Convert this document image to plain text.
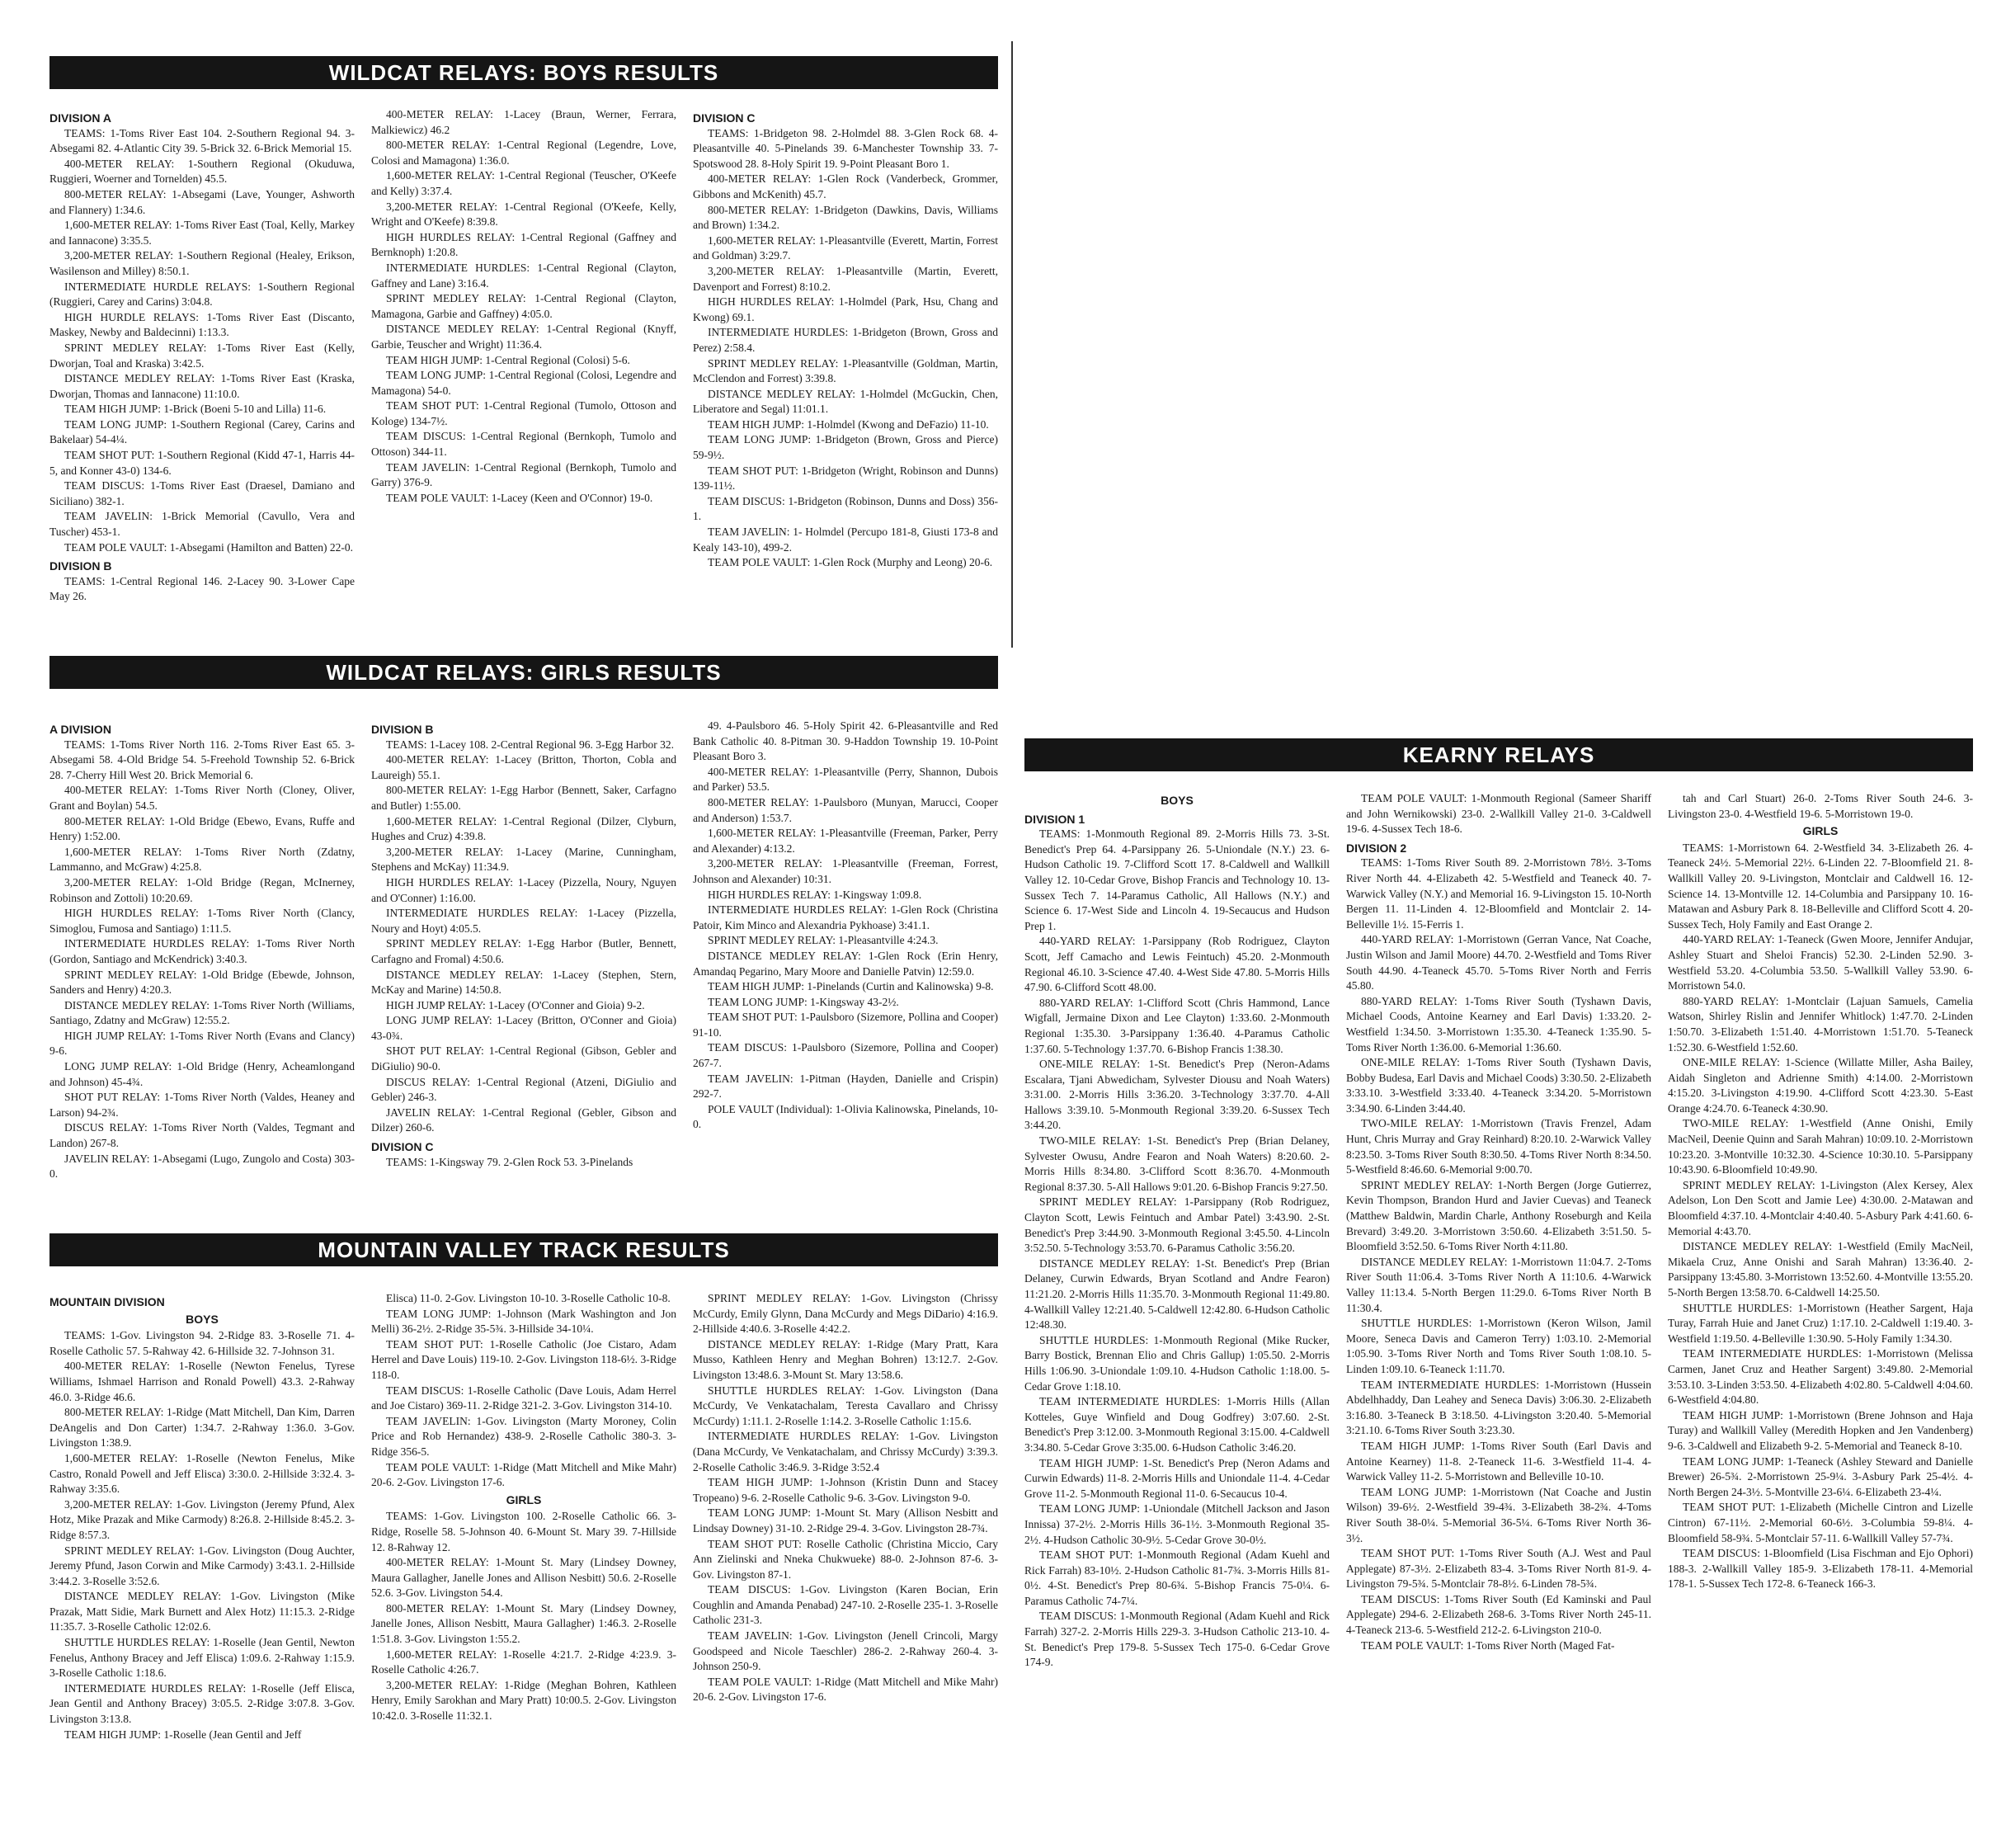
WILDCAT RELAYS: BOYS RESULTS
DIVISION A

TEAMS: 1-Toms River East 104. 2-Southern Regional 94. 3-Absegami 82. 4-Atlantic City 39. 5-Brick 32. 6-Brick Memorial 15.

400-METER RELAY: 1-Southern Regional (Okuduwa, Ruggieri, Woerner and Tornelden) 45.5.

800-METER RELAY: 1-Absegami (Lave, Younger, Ashworth and Flannery) 1:34.6.

1,600-METER RELAY: 1-Toms River East (Toal, Kelly, Markey and Iannacone) 3:35.5.

3,200-METER RELAY: 1-Southern Regional (Healey, Erikson, Wasilenson and Milley) 8:50.1.

INTERMEDIATE HURDLE RELAYS: 1-Southern Regional (Ruggieri, Carey and Carins) 3:04.8.

HIGH HURDLE RELAYS: 1-Toms River East (Discanto, Maskey, Newby and Baldecinni) 1:13.3.

SPRINT MEDLEY RELAY: 1-Toms River East (Kelly, Dworjan, Toal and Kraska) 3:42.5.

DISTANCE MEDLEY RELAY: 1-Toms River East (Kraska, Dworjan, Thomas and Iannacone) 11:10.0.

TEAM HIGH JUMP: 1-Brick (Boeni 5-10 and Lilla) 11-6.

TEAM LONG JUMP: 1-Southern Regional (Carey, Carins and Bakelaar) 54-4¼.

TEAM SHOT PUT: 1-Southern Regional (Kidd 47-1, Harris 44-5, and Konner 43-0) 134-6.

TEAM DISCUS: 1-Toms River East (Draesel, Damiano and Siciliano) 382-1.

TEAM JAVELIN: 1-Brick Memorial (Cavullo, Vera and Tuscher) 453-1.

TEAM POLE VAULT: 1-Absegami (Hamilton and Batten) 22-0.

DIVISION B

TEAMS: 1-Central Regional 146. 2-Lacey 90. 3-Lower Cape May 26.

400-METER RELAY: 1-Lacey (Braun, Werner, Ferrara, Malkiewicz) 46.2

800-METER RELAY: 1-Central Regional (Legendre, Love, Colosi and Mamagona) 1:36.0.

1,600-METER RELAY: 1-Central Regional (Teuscher, O'Keefe and Kelly) 3:37.4.

3,200-METER RELAY: 1-Central Regional (O'Keefe, Kelly, Wright and O'Keefe) 8:39.8.

HIGH HURDLES RELAY: 1-Central Regional (Gaffney and Bernknoph) 1:20.8.

INTERMEDIATE HURDLES: 1-Central Regional (Clayton, Gaffney and Lane) 3:16.4.

SPRINT MEDLEY RELAY: 1-Central Regional (Clayton, Mamagona, Garbie and Gaffney) 4:05.0.

DISTANCE MEDLEY RELAY: 1-Central Regional (Knyff, Garbie, Teuscher and Wright) 11:36.4.

TEAM HIGH JUMP: 1-Central Regional (Colosi) 5-6.

TEAM LONG JUMP: 1-Central Regional (Colosi, Legendre and Mamagona) 54-0.

TEAM SHOT PUT: 1-Central Regional (Tumolo, Ottoson and Kologe) 134-7½.

TEAM DISCUS: 1-Central Regional (Bernkoph, Tumolo and Ottoson) 344-11.

TEAM JAVELIN: 1-Central Regional (Bernkoph, Tumolo and Garry) 376-9.

TEAM POLE VAULT: 1-Lacey (Keen and O'Connor) 19-0.

DIVISION C

TEAMS: 1-Bridgeton 98. 2-Holmdel 88. 3-Glen Rock 68. 4-Pleasantville 40. 5-Pinelands 39. 6-Manchester Township 33. 7-Spotswood 28. 8-Holy Spirit 19. 9-Point Pleasant Boro 1.

400-METER RELAY: 1-Glen Rock (Vanderbeck, Grommer, Gibbons and McKenith) 45.7.

800-METER RELAY: 1-Bridgeton (Dawkins, Davis, Williams and Brown) 1:34.2.

1,600-METER RELAY: 1-Pleasantville (Everett, Martin, Forrest and Goldman) 3:29.7.

3,200-METER RELAY: 1-Pleasantville (Martin, Everett, Davenport and Forrest) 8:10.2.

HIGH HURDLES RELAY: 1-Holmdel (Park, Hsu, Chang and Kwong) 69.1.

INTERMEDIATE HURDLES: 1-Bridgeton (Brown, Gross and Perez) 2:58.4.

SPRINT MEDLEY RELAY: 1-Pleasantville (Goldman, Martin, McClendon and Forrest) 3:39.8.

DISTANCE MEDLEY RELAY: 1-Holmdel (McGuckin, Chen, Liberatore and Segal) 11:01.1.

TEAM HIGH JUMP: 1-Holmdel (Kwong and DeFazio) 11-10.

TEAM LONG JUMP: 1-Bridgeton (Brown, Gross and Pierce) 59-9½.

TEAM SHOT PUT: 1-Bridgeton (Wright, Robinson and Dunns) 139-11½.

TEAM DISCUS: 1-Bridgeton (Robinson, Dunns and Doss) 356-1.

TEAM JAVELIN: 1- Holmdel (Percupo 181-8, Giusti 173-8 and Kealy 143-10), 499-2.

TEAM POLE VAULT: 1-Glen Rock (Murphy and Leong) 20-6.

WILDCAT RELAYS: GIRLS RESULTS
A DIVISION

TEAMS: 1-Toms River North 116. 2-Toms River East 65. 3-Absegami 58. 4-Old Bridge 54. 5-Freehold Township 52. 6-Brick 28. 7-Cherry Hill West 20. Brick Memorial 6.

400-METER RELAY: 1-Toms River North (Cloney, Oliver, Grant and Boylan) 54.5.

800-METER RELAY: 1-Old Bridge (Ebewo, Evans, Ruffe and Henry) 1:52.00.

1,600-METER RELAY: 1-Toms River North (Zdatny, Lammanno, and McGraw) 4:25.8.

3,200-METER RELAY: 1-Old Bridge (Regan, McInerney, Robinson and Zottoli) 10:20.69.

HIGH HURDLES RELAY: 1-Toms River North (Clancy, Simoglou, Fumosa and Santiago) 1:11.5.

INTERMEDIATE HURDLES RELAY: 1-Toms River North (Gordon, Santiago and McKendrick) 3:40.3.

SPRINT MEDLEY RELAY: 1-Old Bridge (Ebewde, Johnson, Sanders and Henry) 4:20.3.

DISTANCE MEDLEY RELAY: 1-Toms River North (Williams, Santiago, Zdatny and McGraw) 12:55.2.

HIGH JUMP RELAY: 1-Toms River North (Evans and Clancy) 9-6.

LONG JUMP RELAY: 1-Old Bridge (Henry, Acheamlongand and Johnson) 45-4¾.

SHOT PUT RELAY: 1-Toms River North (Valdes, Heaney and Larson) 94-2¾.

DISCUS RELAY: 1-Toms River North (Valdes, Tegmant and Landon) 267-8.

JAVELIN RELAY: 1-Absegami (Lugo, Zungolo and Costa) 303-0.

DIVISION B

TEAMS: 1-Lacey 108. 2-Central Regional 96. 3-Egg Harbor 32.

400-METER RELAY: 1-Lacey (Britton, Thorton, Cobla and Laureigh) 55.1.

800-METER RELAY: 1-Egg Harbor (Bennett, Saker, Carfagno and Butler) 1:55.00.

1,600-METER RELAY: 1-Central Regional (Dilzer, Clyburn, Hughes and Cruz) 4:39.8.

3,200-METER RELAY: 1-Lacey (Marine, Cunningham, Stephens and McKay) 11:34.9.

HIGH HURDLES RELAY: 1-Lacey (Pizzella, Noury, Nguyen and O'Conner) 1:16.00.

INTERMEDIATE HURDLES RELAY: 1-Lacey (Pizzella, Noury and Hoyt) 4:05.5.

SPRINT MEDLEY RELAY: 1-Egg Harbor (Butler, Bennett, Carfagno and Fromal) 4:50.6.

DISTANCE MEDLEY RELAY: 1-Lacey (Stephen, Stern, McKay and Marine) 14:50.8.

HIGH JUMP RELAY: 1-Lacey (O'Conner and Gioia) 9-2.

LONG JUMP RELAY: 1-Lacey (Britton, O'Conner and Gioia) 43-0¾.

SHOT PUT RELAY: 1-Central Regional (Gibson, Gebler and DiGiulio) 90-0.

DISCUS RELAY: 1-Central Regional (Atzeni, DiGiulio and Gebler) 246-3.

JAVELIN RELAY: 1-Central Regional (Gebler, Gibson and Dilzer) 260-6.

DIVISION C

TEAMS: 1-Kingsway 79. 2-Glen Rock 53. 3-Pinelands

49. 4-Paulsboro 46. 5-Holy Spirit 42. 6-Pleasantville and Red Bank Catholic 40. 8-Pitman 30. 9-Haddon Township 19. 10-Point Pleasant Boro 3.

400-METER RELAY: 1-Pleasantville (Perry, Shannon, Dubois and Parker) 53.5.

800-METER RELAY: 1-Paulsboro (Munyan, Marucci, Cooper and Anderson) 1:53.7.

1,600-METER RELAY: 1-Pleasantville (Freeman, Parker, Perry and Alexander) 4:13.2.

3,200-METER RELAY: 1-Pleasantville (Freeman, Forrest, Johnson and Alexander) 10:31.

HIGH HURDLES RELAY: 1-Kingsway 1:09.8.

INTERMEDIATE HURDLES RELAY: 1-Glen Rock (Christina Patoir, Kim Minco and Alexandria Pykhoase) 3:41.1.

SPRINT MEDLEY RELAY: 1-Pleasantville 4:24.3.

DISTANCE MEDLEY RELAY: 1-Glen Rock (Erin Henry, Amandaq Pegarino, Mary Moore and Danielle Patvin) 12:59.0.

TEAM HIGH JUMP: 1-Pinelands (Curtin and Kalinowska) 9-8.

TEAM LONG JUMP: 1-Kingsway 43-2½.

TEAM SHOT PUT: 1-Paulsboro (Sizemore, Pollina and Cooper) 91-10.

TEAM DISCUS: 1-Paulsboro (Sizemore, Pollina and Cooper) 267-7.

TEAM JAVELIN: 1-Pitman (Hayden, Danielle and Crispin) 292-7.

POLE VAULT (Individual): 1-Olivia Kalinowska, Pinelands, 10-0.

MOUNTAIN VALLEY TRACK RESULTS
MOUNTAIN DIVISION
BOYS

TEAMS: 1-Gov. Livingston 94. 2-Ridge 83. 3-Roselle 71. 4-Roselle Catholic 57. 5-Rahway 42. 6-Hillside 32. 7-Johnson 31.

400-METER RELAY: 1-Roselle (Newton Fenelus, Tyrese Williams, Ishmael Harrison and Ronald Powell) 43.3. 2-Rahway 46.0. 3-Ridge 46.6.

800-METER RELAY: 1-Ridge (Matt Mitchell, Dan Kim, Darren DeAngelis and Don Carter) 1:34.7. 2-Rahway 1:36.0. 3-Gov. Livingston 1:38.9.

1,600-METER RELAY: 1-Roselle (Newton Fenelus, Mike Castro, Ronald Powell and Jeff Elisca) 3:30.0. 2-Hillside 3:32.4. 3-Rahway 3:35.6.

3,200-METER RELAY: 1-Gov. Livingston (Jeremy Pfund, Alex Hotz, Mike Prazak and Mike Carmody) 8:26.8. 2-Hillside 8:45.2. 3-Ridge 8:57.3.

SPRINT MEDLEY RELAY: 1-Gov. Livingston (Doug Auchter, Jeremy Pfund, Jason Corwin and Mike Carmody) 3:43.1. 2-Hillside 3:44.2. 3-Roselle 3:52.6.

DISTANCE MEDLEY RELAY: 1-Gov. Livingston (Mike Prazak, Matt Sidie, Mark Burnett and Alex Hotz) 11:15.3. 2-Ridge 11:35.7. 3-Roselle Catholic 12:02.6.

SHUTTLE HURDLES RELAY: 1-Roselle (Jean Gentil, Newton Fenelus, Anthony Bracey and Jeff Elisca) 1:09.6. 2-Rahway 1:15.9. 3-Roselle Catholic 1:18.6.

INTERMEDIATE HURDLES RELAY: 1-Roselle (Jeff Elisca, Jean Gentil and Anthony Bracey) 3:05.5. 2-Ridge 3:07.8. 3-Gov. Livingston 3:13.8.

TEAM HIGH JUMP: 1-Roselle (Jean Gentil and Jeff

Elisca) 11-0. 2-Gov. Livingston 10-10. 3-Roselle Catholic 10-8.

TEAM LONG JUMP: 1-Johnson (Mark Washington and Jon Melli) 36-2½. 2-Ridge 35-5¾. 3-Hillside 34-10¼.

TEAM SHOT PUT: 1-Roselle Catholic (Joe Cistaro, Adam Herrel and Dave Louis) 119-10. 2-Gov. Livingston 118-6½. 3-Ridge 118-0.

TEAM DISCUS: 1-Roselle Catholic (Dave Louis, Adam Herrel and Joe Cistaro) 369-11. 2-Ridge 321-2. 3-Gov. Livingston 314-10.

TEAM JAVELIN: 1-Gov. Livingston (Marty Moroney, Colin Price and Rob Hernandez) 438-9. 2-Roselle Catholic 380-3. 3-Ridge 356-5.

TEAM POLE VAULT: 1-Ridge (Matt Mitchell and Mike Mahr) 20-6. 2-Gov. Livingston 17-6.

GIRLS

TEAMS: 1-Gov. Livingston 100. 2-Roselle Catholic 66. 3-Ridge, Roselle 58. 5-Johnson 40. 6-Mount St. Mary 39. 7-Hillside 12. 8-Rahway 12.

400-METER RELAY: 1-Mount St. Mary (Lindsey Downey, Maura Gallagher, Janelle Jones and Allison Nesbitt) 50.6. 2-Roselle 52.6. 3-Gov. Livingston 54.4.

800-METER RELAY: 1-Mount St. Mary (Lindsey Downey, Janelle Jones, Allison Nesbitt, Maura Gallagher) 1:46.3. 2-Roselle 1:51.8. 3-Gov. Livingston 1:55.2.

1,600-METER RELAY: 1-Roselle 4:21.7. 2-Ridge 4:23.9. 3-Roselle Catholic 4:26.7.

3,200-METER RELAY: 1-Ridge (Meghan Bohren, Kathleen Henry, Emily Sarokhan and Mary Pratt) 10:00.5. 2-Gov. Livingston 10:42.0. 3-Roselle 11:32.1.

SPRINT MEDLEY RELAY: 1-Gov. Livingston (Chrissy McCurdy, Emily Glynn, Dana McCurdy and Megs DiDario) 4:16.9. 2-Hillside 4:40.6. 3-Roselle 4:42.2.

DISTANCE MEDLEY RELAY: 1-Ridge (Mary Pratt, Kara Musso, Kathleen Henry and Meghan Bohren) 13:12.7. 2-Gov. Livingston 13:48.6. 3-Mount St. Mary 13:58.6.

SHUTTLE HURDLES RELAY: 1-Gov. Livingston (Dana McCurdy, Ve Venkatachalam, Teresta Cavallaro and Chrissy McCurdy) 1:11.1. 2-Roselle 1:14.2. 3-Roselle Catholic 1:15.6.

INTERMEDIATE HURDLES RELAY: 1-Gov. Livingston (Dana McCurdy, Ve Venkatachalam, and Chrissy McCurdy) 3:39.3. 2-Roselle Catholic 3:46.9. 3-Ridge 3:52.4

TEAM HIGH JUMP: 1-Johnson (Kristin Dunn and Stacey Tropeano) 9-6. 2-Roselle Catholic 9-6. 3-Gov. Livingston 9-0.

TEAM LONG JUMP: 1-Mount St. Mary (Allison Nesbitt and Lindsay Downey) 31-10. 2-Ridge 29-4. 3-Gov. Livingston 28-7¾.

TEAM SHOT PUT: Roselle Catholic (Christina Miccio, Cary Ann Zielinski and Nneka Chukwueke) 88-0. 2-Johnson 87-6. 3-Gov. Livingston 87-1.

TEAM DISCUS: 1-Gov. Livingston (Karen Bocian, Erin Coughlin and Amanda Penabad) 247-10. 2-Roselle 235-1. 3-Roselle Catholic 231-3.

TEAM JAVELIN: 1-Gov. Livingston (Jenell Crincoli, Margy Goodspeed and Nicole Taeschler) 286-2. 2-Rahway 260-4. 3-Johnson 250-9.

TEAM POLE VAULT: 1-Ridge (Matt Mitchell and Mike Mahr) 20-6. 2-Gov. Livingston 17-6.

KEARNY RELAYS
BOYS
DIVISION 1

TEAMS: 1-Monmouth Regional 89. 2-Morris Hills 73. 3-St. Benedict's Prep 64. 4-Parsippany 26. 5-Uniondale (N.Y.) 23. 6-Hudson Catholic 19. 7-Clifford Scott 17. 8-Caldwell and Wallkill Valley 12. 10-Cedar Grove, Bishop Francis and Technology 10. 13-Sussex Tech 7. 14-Paramus Catholic, All Hallows (N.Y.) and Science 6. 17-West Side and Lincoln 4. 19-Secaucus and Hudson Prep 1.

440-YARD RELAY: 1-Parsippany (Rob Rodriguez, Clayton Scott, Jeff Camacho and Lewis Feintuch) 45.20. 2-Monmouth Regional 46.10. 3-Science 47.40. 4-West Side 47.80. 5-Morris Hills 47.90. 6-Clifford Scott 48.00.

880-YARD RELAY: 1-Clifford Scott (Chris Hammond, Lance Wigfall, Jermaine Dixon and Lee Clayton) 1:33.60. 2-Monmouth Regional 1:35.30. 3-Parsippany 1:36.40. 4-Paramus Catholic 1:37.60. 5-Technology 1:37.70. 6-Bishop Francis 1:38.30.

ONE-MILE RELAY: 1-St. Benedict's Prep (Neron-Adams Escalara, Tjani Abwedicham, Sylvester Diousu and Noah Waters) 3:31.00. 2-Morris Hills 3:36.20. 3-Technology 3:37.70. 4-All Hallows 3:39.10. 5-Monmouth Regional 3:39.20. 6-Sussex Tech 3:44.20.

TWO-MILE RELAY: 1-St. Benedict's Prep (Brian Delaney, Sylvester Owusu, Andre Fearon and Noah Waters) 8:20.60. 2-Morris Hills 8:34.80. 3-Clifford Scott 8:36.70. 4-Monmouth Regional 8:37.30. 5-All Hallows 9:01.20. 6-Bishop Francis 9:27.50.

SPRINT MEDLEY RELAY: 1-Parsippany (Rob Rodriguez, Clayton Scott, Lewis Feintuch and Ambar Patel) 3:43.90. 2-St. Benedict's Prep 3:44.90. 3-Monmouth Regional 3:45.50. 4-Lincoln 3:52.50. 5-Technology 3:53.70. 6-Paramus Catholic 3:56.20.

DISTANCE MEDLEY RELAY: 1-St. Benedict's Prep (Brian Delaney, Curwin Edwards, Bryan Scotland and Andre Fearon) 11:21.20. 2-Morris Hills 11:35.70. 3-Monmouth Regional 11:49.80. 4-Wallkill Valley 12:21.40. 5-Caldwell 12:42.80. 6-Hudson Catholic 12:48.30.

SHUTTLE HURDLES: 1-Monmouth Regional (Mike Rucker, Barry Bostick, Brennan Elio and Chris Gallup) 1:05.50. 2-Morris Hills 1:06.90. 3-Uniondale 1:09.10. 4-Hudson Catholic 1:18.00. 5-Cedar Grove 1:18.10.

TEAM INTERMEDIATE HURDLES: 1-Morris Hills (Allan Kotteles, Guye Winfield and Doug Godfrey) 3:07.60. 2-St. Benedict's Prep 3:12.00. 3-Monmouth Regional 3:15.00. 4-Caldwell 3:34.80. 5-Cedar Grove 3:35.00. 6-Hudson Catholic 3:46.20.

TEAM HIGH JUMP: 1-St. Benedict's Prep (Neron Adams and Curwin Edwards) 11-8. 2-Morris Hills and Uniondale 11-4. 4-Cedar Grove 11-2. 5-Monmouth Regional 11-0. 6-Secaucus 10-4.

TEAM LONG JUMP: 1-Uniondale (Mitchell Jackson and Jason Innissa) 37-2½. 2-Morris Hills 36-1½. 3-Monmouth Regional 35-2½. 4-Hudson Catholic 30-9½. 5-Cedar Grove 30-0½.

TEAM SHOT PUT: 1-Monmouth Regional (Adam Kuehl and Rick Farrah) 83-10½. 2-Hudson Catholic 81-7¾. 3-Morris Hills 81-0½. 4-St. Benedict's Prep 80-6¾. 5-Bishop Francis 75-0¼. 6-Paramus Catholic 74-7¼.

TEAM DISCUS: 1-Monmouth Regional (Adam Kuehl and Rick Farrah) 327-2. 2-Morris Hills 229-3. 3-Hudson Catholic 213-10. 4-St. Benedict's Prep 179-8. 5-Sussex Tech 175-0. 6-Cedar Grove 174-9.

TEAM POLE VAULT: 1-Monmouth Regional (Sameer Shariff and John Wernikowski) 23-0. 2-Wallkill Valley 21-0. 3-Caldwell 19-6. 4-Sussex Tech 18-6.

DIVISION 2

TEAMS: 1-Toms River South 89. 2-Morristown 78½. 3-Toms River North 44. 4-Elizabeth 42. 5-Westfield and Teaneck 40. 7-Warwick Valley (N.Y.) and Memorial 16. 9-Livingston 15. 10-North Bergen 11. 11-Linden 4. 12-Bloomfield and Montclair 2. 14-Belleville 1½. 15-Ferris 1.

440-YARD RELAY: 1-Morristown (Gerran Vance, Nat Coache, Justin Wilson and Jamil Moore) 44.70. 2-Westfield and Toms River South 44.90. 4-Teaneck 45.70. 5-Toms River North and Ferris 45.80.

880-YARD RELAY: 1-Toms River South (Tyshawn Davis, Michael Coods, Antoine Kearney and Earl Davis) 1:33.20. 2-Westfield 1:34.50. 3-Morristown 1:35.30. 4-Teaneck 1:35.90. 5-Toms River North 1:36.00. 6-Memorial 1:36.60.

ONE-MILE RELAY: 1-Toms River South (Tyshawn Davis, Bobby Budesa, Earl Davis and Michael Coods) 3:30.50. 2-Elizabeth 3:33.10. 3-Westfield 3:33.40. 4-Teaneck 3:34.20. 5-Morristown 3:34.90. 6-Linden 3:44.40.

TWO-MILE RELAY: 1-Morristown (Travis Frenzel, Adam Hunt, Chris Murray and Gray Reinhard) 8:20.10. 2-Warwick Valley 8:23.50. 3-Toms River South 8:30.50. 4-Toms River North 8:34.50. 5-Westfield 8:46.60. 6-Memorial 9:00.70.

SPRINT MEDLEY RELAY: 1-North Bergen (Jorge Gutierrez, Kevin Thompson, Brandon Hurd and Javier Cuevas) and Teaneck (Matthew Baldwin, Mardin Charle, Anthony Roseburgh and Keila Brevard) 3:49.20. 3-Morristown 3:50.60. 4-Elizabeth 3:51.50. 5-Bloomfield 3:52.50. 6-Toms River North 4:11.80.

DISTANCE MEDLEY RELAY: 1-Morristown 11:04.7. 2-Toms River South 11:06.4. 3-Toms River North A 11:10.6. 4-Warwick Valley 11:13.4. 5-North Bergen 11:29.0. 6-Toms River North B 11:30.4.

SHUTTLE HURDLES: 1-Morristown (Keron Wilson, Jamil Moore, Seneca Davis and Cameron Terry) 1:03.10. 2-Memorial 1:05.90. 3-Toms River North and Toms River South 1:08.10. 5-Linden 1:09.10. 6-Teaneck 1:11.70.

TEAM INTERMEDIATE HURDLES: 1-Morristown (Hussein Abdelhhaddy, Dan Leahey and Seneca Davis) 3:06.30. 2-Elizabeth 3:16.80. 3-Teaneck B 3:18.50. 4-Livingston 3:20.40. 5-Memorial 3:21.10. 6-Toms River South 3:23.30.

TEAM HIGH JUMP: 1-Toms River South (Earl Davis and Antoine Kearney) 11-8. 2-Teaneck 11-6. 3-Westfield 11-4. 4-Warwick Valley 11-2. 5-Morristown and Belleville 10-10.

TEAM LONG JUMP: 1-Morristown (Nat Coache and Justin Wilson) 39-6½. 2-Westfield 39-4¾. 3-Elizabeth 38-2¾. 4-Toms River South 38-0¼. 5-Memorial 36-5¼. 6-Toms River North 36-3½.

TEAM SHOT PUT: 1-Toms River South (A.J. West and Paul Applegate) 87-3½. 2-Elizabeth 83-4. 3-Toms River North 81-9. 4-Livingston 79-5¾. 5-Montclair 78-8½. 6-Linden 78-5¾.

TEAM DISCUS: 1-Toms River South (Ed Kaminski and Paul Applegate) 294-6. 2-Elizabeth 268-6. 3-Toms River North 245-11. 4-Teaneck 213-6. 5-Westfield 212-2. 6-Livingston 210-0.

TEAM POLE VAULT: 1-Toms River North (Maged Fat-

tah and Carl Stuart) 26-0. 2-Toms River South 24-6. 3-Livingston 23-0. 4-Westfield 19-6. 5-Morristown 19-0.

GIRLS

TEAMS: 1-Morristown 64. 2-Westfield 34. 3-Elizabeth 26. 4-Teaneck 24½. 5-Memorial 22½. 6-Linden 22. 7-Bloomfield 21. 8-Wallkill Valley 20. 9-Livingston, Montclair and Caldwell 16. 12-Science 14. 13-Montville 12. 14-Columbia and Parsippany 10. 16-Matawan and Asbury Park 8. 18-Belleville and Clifford Scott 4. 20-Sussex Tech, Holy Family and East Orange 2.

440-YARD RELAY: 1-Teaneck (Gwen Moore, Jennifer Andujar, Ashley Stuart and Sheloi Francis) 52.30. 2-Linden 52.90. 3-Westfield 53.20. 4-Columbia 53.50. 5-Wallkill Valley 53.90. 6-Morristown 54.0.

880-YARD RELAY: 1-Montclair (Lajuan Samuels, Camelia Watson, Shirley Rislin and Jennifer Whitlock) 1:47.70. 2-Linden 1:50.70. 3-Elizabeth 1:51.40. 4-Morristown 1:51.70. 5-Teaneck 1:52.30. 6-Westfield 1:52.60.

ONE-MILE RELAY: 1-Science (Willatte Miller, Asha Bailey, Aidah Singleton and Adrienne Smith) 4:14.00. 2-Morristown 4:15.20. 3-Livingston 4:19.90. 4-Clifford Scott 4:23.30. 5-East Orange 4:24.70. 6-Teaneck 4:30.90.

TWO-MILE RELAY: 1-Westfield (Anne Onishi, Emily MacNeil, Deenie Quinn and Sarah Mahran) 10:09.10. 2-Morristown 10:23.20. 3-Montville 10:32.30. 4-Science 10:30.10. 5-Parsippany 10:43.90. 6-Bloomfield 10:49.90.

SPRINT MEDLEY RELAY: 1-Livingston (Alex Kersey, Alex Adelson, Lon Den Scott and Jamie Lee) 4:30.00. 2-Matawan and Bloomfield 4:37.10. 4-Montclair 4:40.40. 5-Asbury Park 4:41.60. 6-Memorial 4:43.70.

DISTANCE MEDLEY RELAY: 1-Westfield (Emily MacNeil, Mikaela Cruz, Anne Onishi and Sarah Mahran) 13:36.40. 2-Parsippany 13:45.80. 3-Morristown 13:52.60. 4-Montville 13:55.20. 5-North Bergen 13:58.70. 6-Caldwell 14:25.50.

SHUTTLE HURDLES: 1-Morristown (Heather Sargent, Haja Turay, Farrah Huie and Janet Cruz) 1:17.10. 2-Caldwell 1:19.40. 3-Westfield 1:19.50. 4-Belleville 1:30.90. 5-Holy Family 1:34.30.

TEAM INTERMEDIATE HURDLES: 1-Morristown (Melissa Carmen, Janet Cruz and Heather Sargent) 3:49.80. 2-Memorial 3:53.10. 3-Linden 3:53.50. 4-Elizabeth 4:02.80. 5-Caldwell 4:04.60. 6-Westfield 4:04.80.

TEAM HIGH JUMP: 1-Morristown (Brene Johnson and Haja Turay) and Wallkill Valley (Meredith Hopken and Jen Vandenberg) 9-6. 3-Caldwell and Elizabeth 9-2. 5-Memorial and Teaneck 8-10.

TEAM LONG JUMP: 1-Teaneck (Ashley Steward and Danielle Brewer) 26-5¾. 2-Morristown 25-9¼. 3-Asbury Park 25-4½. 4-North Bergen 24-3½. 5-Montville 23-6¼. 6-Elizabeth 23-4¼.

TEAM SHOT PUT: 1-Elizabeth (Michelle Cintron and Lizelle Cintron) 67-11½. 2-Memorial 60-6½. 3-Columbia 59-8¼. 4-Bloomfield 58-9¾. 5-Montclair 57-11. 6-Wallkill Valley 57-7¾.

TEAM DISCUS: 1-Bloomfield (Lisa Fischman and Ejo Ophori) 188-3. 2-Wallkill Valley 185-9. 3-Elizabeth 178-11. 4-Memorial 178-1. 5-Sussex Tech 172-8. 6-Teaneck 166-3.
